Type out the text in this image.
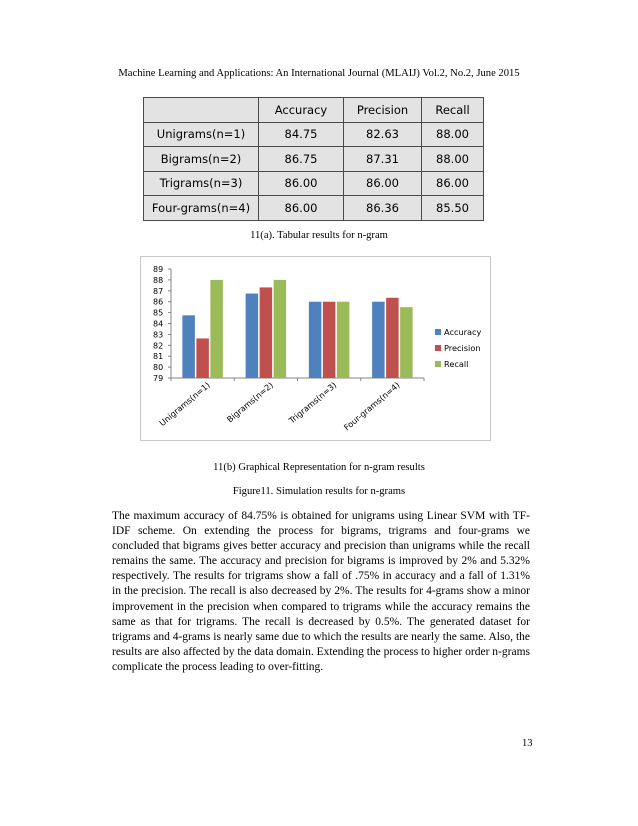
Machine Learning and Applications: An International Journal (MLAIJ) Vol.2, No.2, June 2015
	Accuracy	Precision	Recall
Unigrams(n=1)	84.75	82.63	88.00
Bigrams(n=2)	86.75	87.31	88.00
Trigrams(n=3)	86.00	86.00	86.00
Four-grams(n=4)	86.00	86.36	85.50
11(a). Tabular results for n-gram
79
80
81
82
83
84
85
86
87
88
89
Unigrams(n=1) Bigrams(n=2) Trigrams(n=3) Four-grams(n=4)
Accuracy
Precision
Recall
11(b) Graphical Representation for n-gram results
Figure11. Simulation results for n-grams
The maximum accuracy of 84.75% is obtained for unigrams using Linear SVM with TF-IDF scheme. On extending the process for bigrams, trigrams and four-grams we concluded that bigrams gives better accuracy and precision than unigrams while the recall remains the same. The accuracy and precision for bigrams is improved by 2% and 5.32% respectively. The results for trigrams show a fall of .75% in accuracy and a fall of 1.31% in the precision. The recall is also decreased by 2%. The results for 4-grams show a minor improvement in the precision when compared to trigrams while the accuracy remains the same as that for trigrams. The recall is decreased by 0.5%. The generated dataset for trigrams and 4-grams is nearly same due to which the results are nearly the same. Also, the results are also affected by the data domain. Extending the process to higher order n-grams complicate the process leading to over-fitting.
13
